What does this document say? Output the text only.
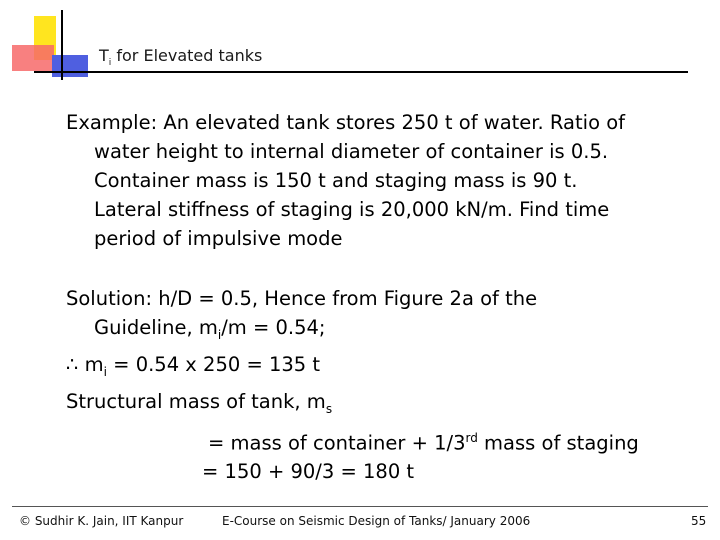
$T_i$ for Elevated tanks
Example: An elevated tank stores 250 t of water. Ratio of
water height to internal diameter of container is 0.5.
Container mass is 150 t and staging mass is 90 t.
Lateral stiffness of staging is 20,000 kN/m. Find time
period of impulsive mode
Solution: h/D = 0.5, Hence from Figure 2a of the
Guideline, $m_i/m = 0.54$;
∴ $m_i = 0.54$ x 250 = 135 t
Structural mass of tank, $m_s$
= mass of container + 1/3rd mass of staging
= 150 + 90/3 = 180 t
© Sudhir K. Jain, IIT Kanpur	E-Course on Seismic Design of Tanks/ January 2006	55
